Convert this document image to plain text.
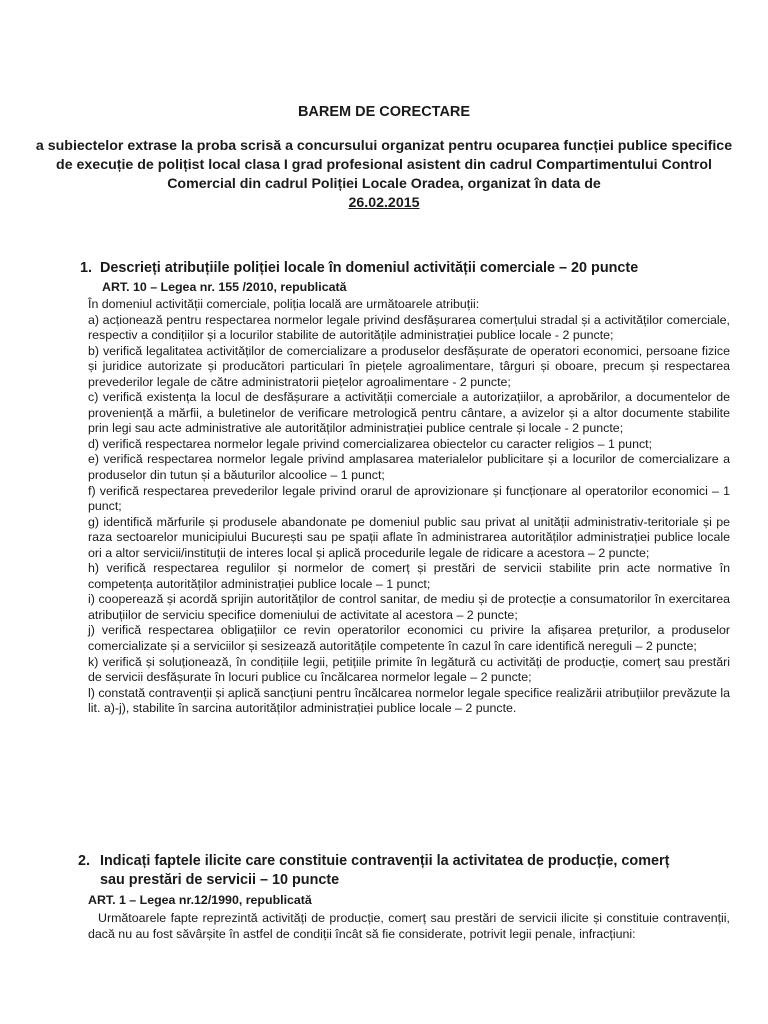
BAREM DE CORECTARE
a subiectelor extrase la proba scrisă a concursului organizat pentru ocuparea funcției publice specifice de execuție de polițist local clasa I grad profesional asistent din cadrul Compartimentului Control Comercial din cadrul Poliției Locale Oradea, organizat în data de
26.02.2015
1. Descrieți atribuțiile poliției locale în domeniul activității comerciale – 20 puncte
ART. 10 – Legea nr. 155 /2010, republicată

În domeniul activității comerciale, poliția locală are următoarele atribuții:

a) acționează pentru respectarea normelor legale privind desfășurarea comerțului stradal și a activităților comerciale, respectiv a condițiilor și a locurilor stabilite de autoritățile administrației publice locale - 2 puncte;

b) verifică legalitatea activităților de comercializare a produselor desfășurate de operatori economici, persoane fizice și juridice autorizate și producători particulari în piețele agroalimentare, târguri și oboare, precum și respectarea prevederilor legale de către administratorii piețelor agroalimentare - 2 puncte;

c) verifică existența la locul de desfășurare a activității comerciale a autorizațiilor, a aprobărilor, a documentelor de proveniență a mărfii, a buletinelor de verificare metrologică pentru cântare, a avizelor și a altor documente stabilite prin legi sau acte administrative ale autorităților administrației publice centrale și locale - 2 puncte;

d) verifică respectarea normelor legale privind comercializarea obiectelor cu caracter religios – 1 punct;

e) verifică respectarea normelor legale privind amplasarea materialelor publicitare și a locurilor de comercializare a produselor din tutun și a băuturilor alcoolice – 1 punct;

f) verifică respectarea prevederilor legale privind orarul de aprovizionare și funcționare al operatorilor economici – 1 punct;

g) identifică mărfurile și produsele abandonate pe domeniul public sau privat al unității administrativ-teritoriale și pe raza sectoarelor municipiului București sau pe spații aflate în administrarea autorităților administrației publice locale ori a altor servicii/instituții de interes local și aplică procedurile legale de ridicare a acestora – 2 puncte;

h) verifică respectarea regulilor și normelor de comerț și prestări de servicii stabilite prin acte normative în competența autorităților administrației publice locale – 1 punct;

i) cooperează și acordă sprijin autorităților de control sanitar, de mediu și de protecție a consumatorilor în exercitarea atribuțiilor de serviciu specifice domeniului de activitate al acestora – 2 puncte;

j) verifică respectarea obligațiilor ce revin operatorilor economici cu privire la afișarea prețurilor, a produselor comercializate și a serviciilor și sesizează autoritățile competente în cazul în care identifică nereguli – 2 puncte;

k) verifică și soluționează, în condițiile legii, petițiile primite în legătură cu activități de producție, comerț sau prestări de servicii desfășurate în locuri publice cu încălcarea normelor legale – 2 puncte;

l) constată contravenții și aplică sancțiuni pentru încălcarea normelor legale specifice realizării atribuțiilor prevăzute la lit. a)-j), stabilite în sarcina autorităților administrației publice locale – 2 puncte.

2. Indicați faptele ilicite care constituie contravenții la activitatea de producție, comerț
sau prestări de servicii – 10 puncte
ART. 1 – Legea nr.12/1990, republicată
Următoarele fapte reprezintă activități de producție, comerț sau prestări de servicii ilicite și constituie contravenții, dacă nu au fost săvârșite în astfel de condiții încât să fie considerate, potrivit legii penale, infracțiuni:
